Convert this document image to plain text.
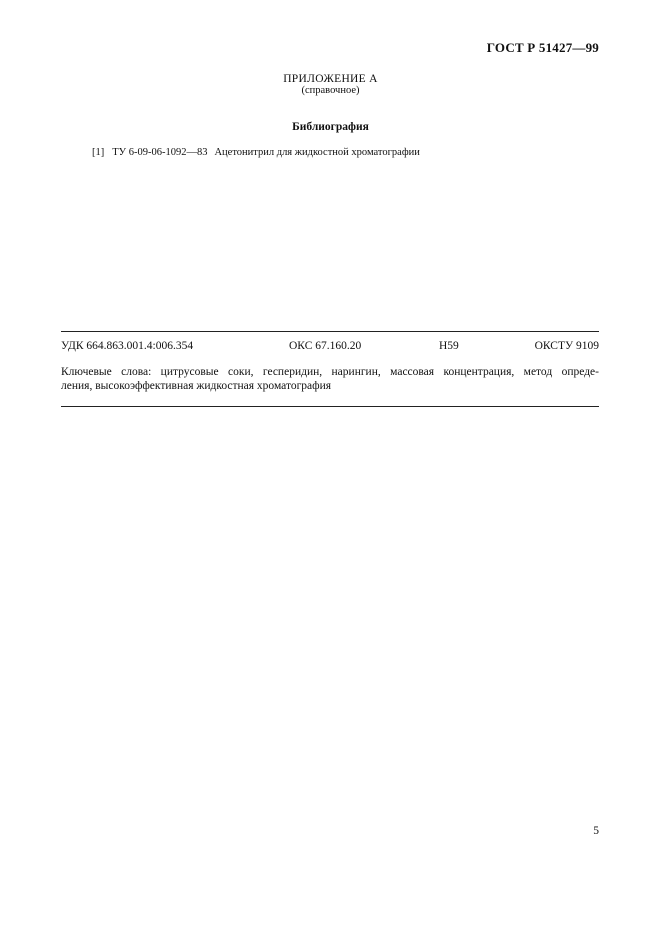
ГОСТ Р 51427—99
ПРИЛОЖЕНИЕ А
(справочное)
Библиография
[1] ТУ 6-09-06-1092—83 Ацетонитрил для жидкостной хроматографии
УДК 664.863.001.4:006.354	ОКС 67.160.20	Н59	ОКСТУ 9109
Ключевые слова: цитрусовые соки, гесперидин, нарингин, массовая концентрация, метод опреде-
ления, высокоэффективная жидкостная хроматография
5
